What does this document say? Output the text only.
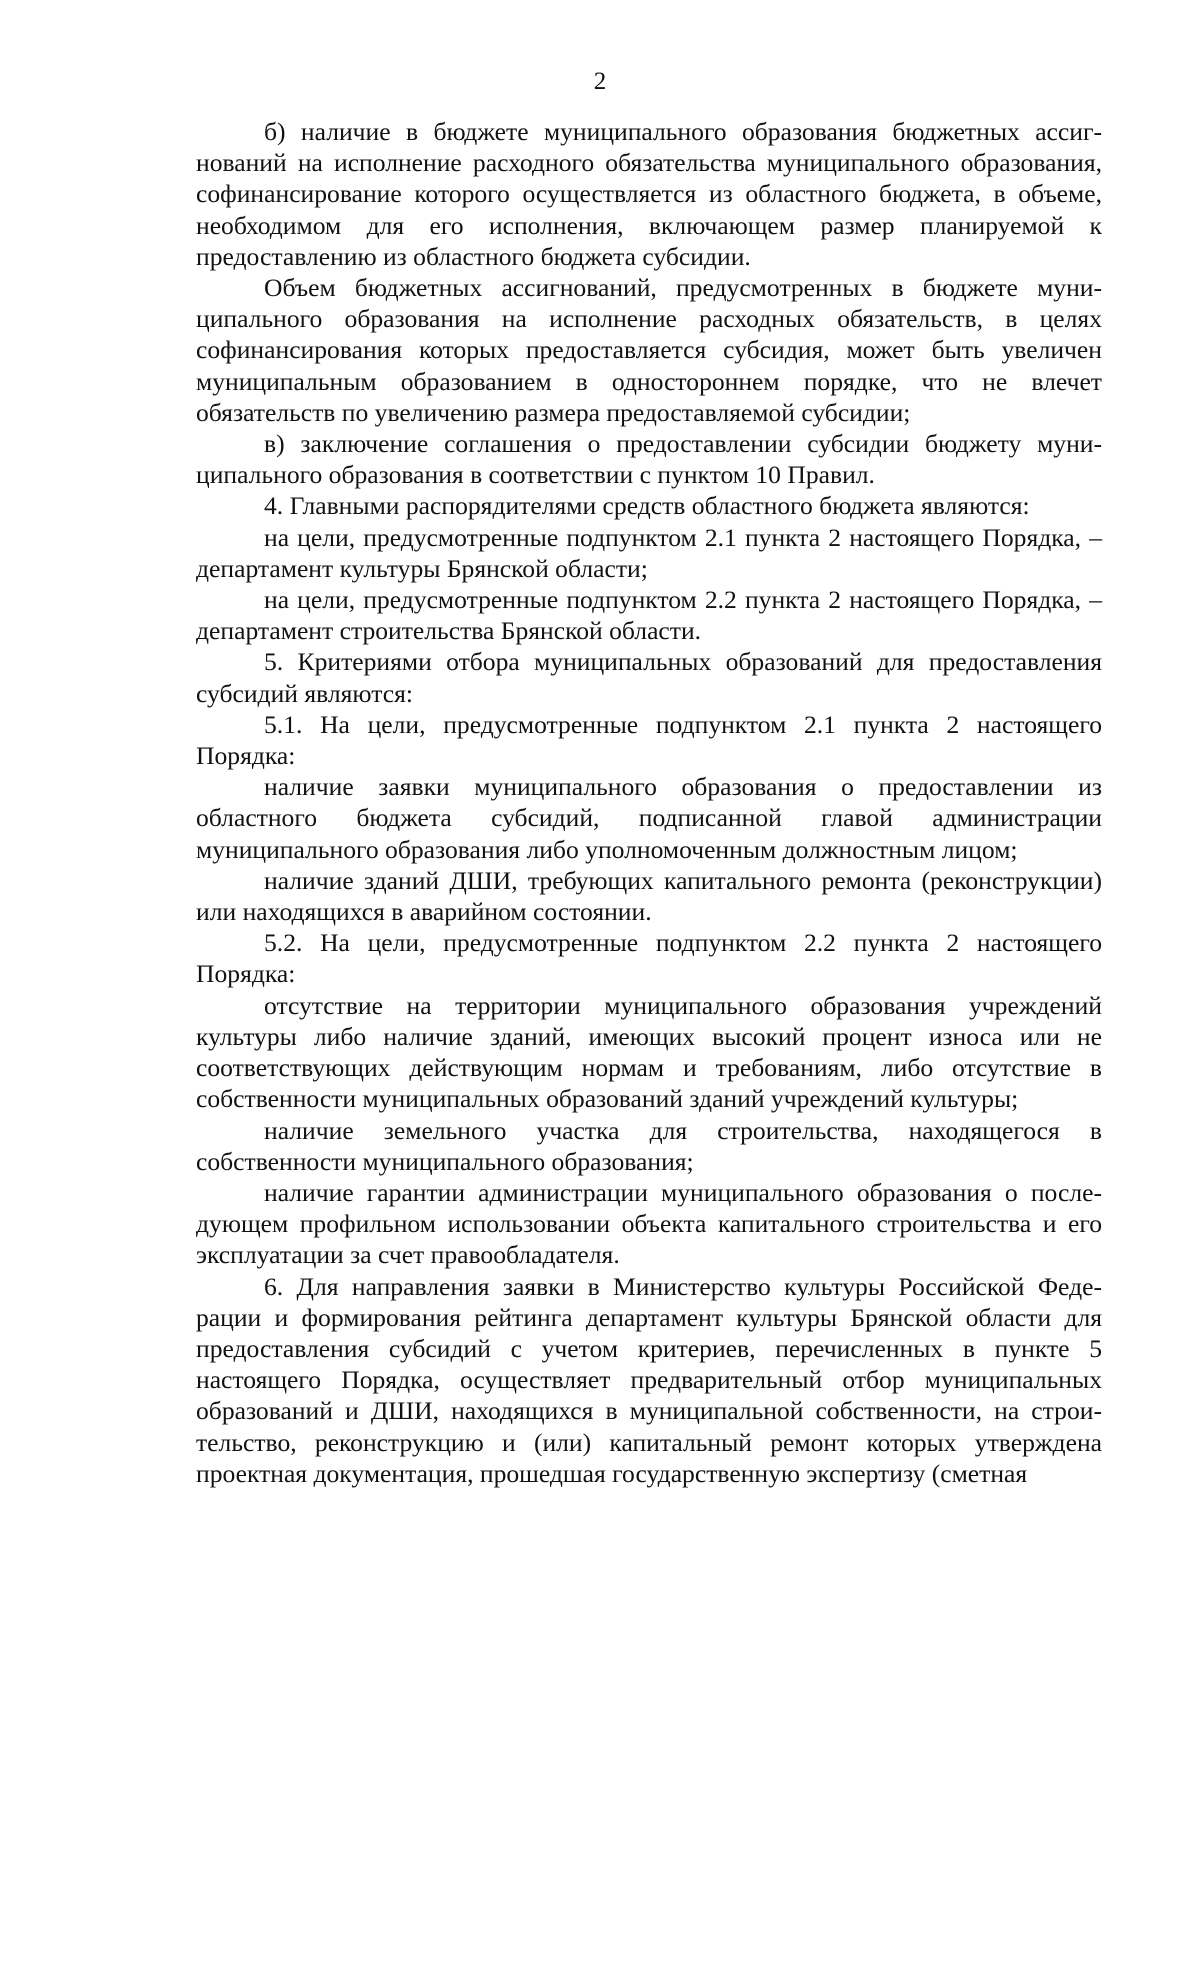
2

б) наличие в бюджете муниципального образования бюджетных ассигнований на исполнение расходного обязательства муниципального образования, софинансирование которого осуществляется из областного бюджета, в объеме, необходимом для его исполнения, включающем размер планируемой к предоставлению из областного бюджета субсидии.

Объем бюджетных ассигнований, предусмотренных в бюджете муниципального образования на исполнение расходных обязательств, в целях софинансирования которых предоставляется субсидия, может быть увеличен муниципальным образованием в одностороннем порядке, что не влечет обязательств по увеличению размера предоставляемой субсидии;

в) заключение соглашения о предоставлении субсидии бюджету муниципального образования в соответствии с пунктом 10 Правил.

4. Главными распорядителями средств областного бюджета являются:

на цели, предусмотренные подпунктом 2.1 пункта 2 настоящего Порядка, – департамент культуры Брянской области;

на цели, предусмотренные подпунктом 2.2 пункта 2 настоящего Порядка, – департамент строительства Брянской области.

5. Критериями отбора муниципальных образований для предоставления субсидий являются:

5.1. На цели, предусмотренные подпунктом 2.1 пункта 2 настоящего Порядка:

наличие заявки муниципального образования о предоставлении из областного бюджета субсидий, подписанной главой администрации муниципального образования либо уполномоченным должностным лицом;

наличие зданий ДШИ, требующих капитального ремонта (реконструкции) или находящихся в аварийном состоянии.

5.2. На цели, предусмотренные подпунктом 2.2 пункта 2 настоящего Порядка:

отсутствие на территории муниципального образования учреждений культуры либо наличие зданий, имеющих высокий процент износа или не соответствующих действующим нормам и требованиям, либо отсутствие в собственности муниципальных образований зданий учреждений культуры;

наличие земельного участка для строительства, находящегося в собственности муниципального образования;

наличие гарантии администрации муниципального образования о последующем профильном использовании объекта капитального строительства и его эксплуатации за счет правообладателя.

6. Для направления заявки в Министерство культуры Российской Федерации и формирования рейтинга департамент культуры Брянской области для предоставления субсидий с учетом критериев, перечисленных в пункте 5 настоящего Порядка, осуществляет предварительный отбор муниципальных образований и ДШИ, находящихся в муниципальной собственности, на строительство, реконструкцию и (или) капитальный ремонт которых утверждена проектная документация, прошедшая государственную экспертизу (сметная
